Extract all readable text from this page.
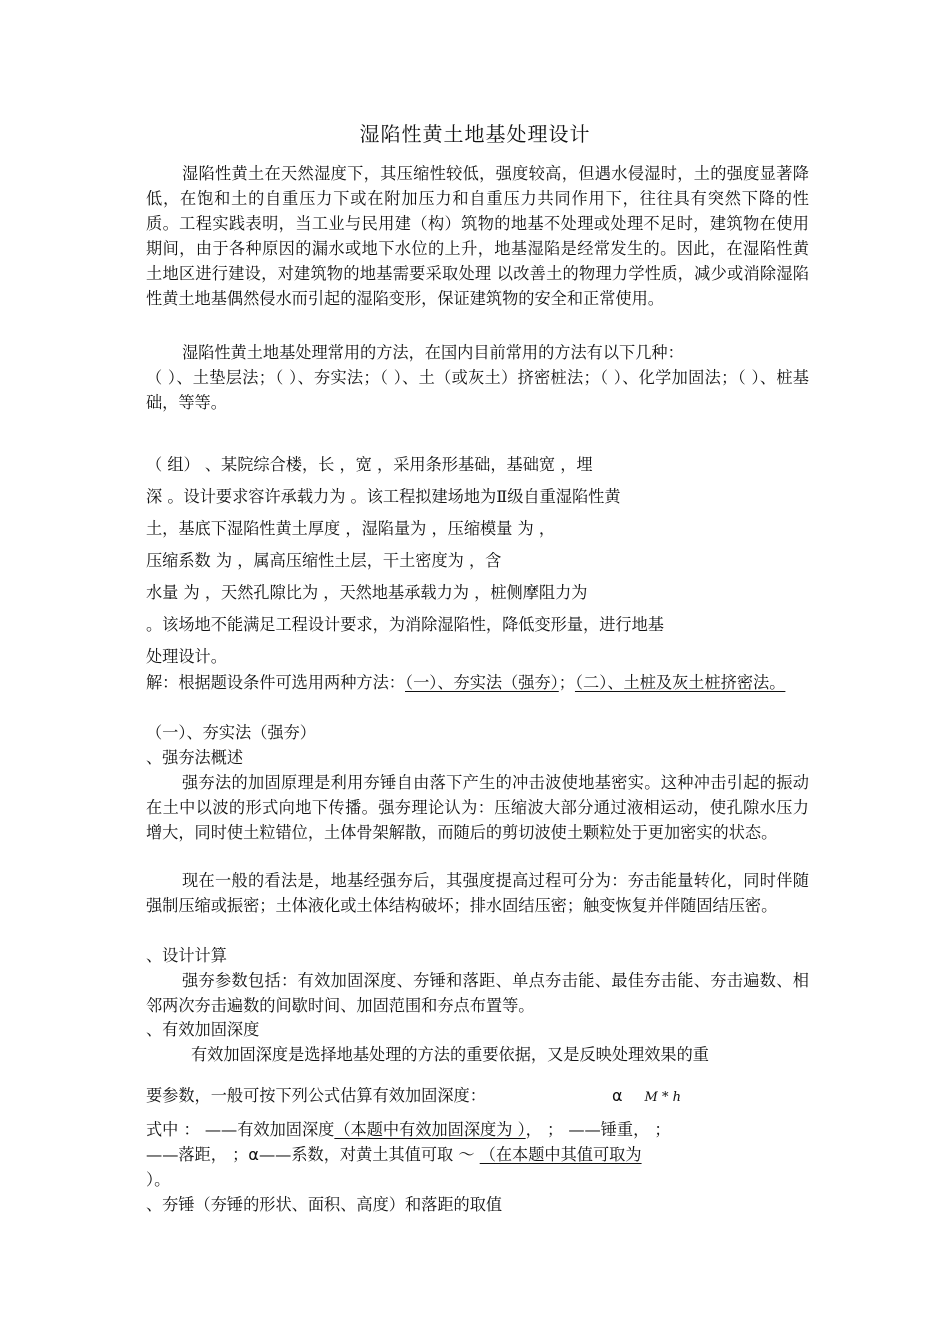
湿陷性黄土地基处理设计
湿陷性黄土在天然湿度下，其压缩性较低，强度较高，但遇水侵湿时，土的强度显著降低，在饱和土的自重压力下或在附加压力和自重压力共同作用下，往往具有突然下降的性质。工程实践表明，当工业与民用建（构）筑物的地基不处理或处理不足时，建筑物在使用期间，由于各种原因的漏水或地下水位的上升，地基湿陷是经常发生的。因此，在湿陷性黄土地区进行建设，对建筑物的地基需要采取处理 以改善土的物理力学性质，减少或消除湿陷性黄土地基偶然侵水而引起的湿陷变形，保证建筑物的安全和正常使用。
湿陷性黄土地基处理常用的方法，在国内目前常用的方法有以下几种：
（ ）、土垫层法；（ ）、夯实法；（ ）、土（或灰土）挤密桩法；（ ）、化学加固法；（ ）、桩基础，等等。
（ 组） 、某院综合楼，长 ，宽 ，采用条形基础，基础宽 ，埋
深 。设计要求容许承载力为 。该工程拟建场地为Ⅱ级自重湿陷性黄
土，基底下湿陷性黄土厚度 ，湿陷量为 ，压缩模量 为 ，
压缩系数 为 ，属高压缩性土层，干土密度为 ，含
水量 为 ，天然孔隙比为 ，天然地基承载力为 ，桩侧摩阻力为
。该场地不能满足工程设计要求，为消除湿陷性，降低变形量，进行地基
处理设计。
解：根据题设条件可选用两种方法：（一）、夯实法（强夯）；（二）、土桩及灰土桩挤密法。
（一）、夯实法（强夯）
、强夯法概述
强夯法的加固原理是利用夯锤自由落下产生的冲击波使地基密实。这种冲击引起的振动在土中以波的形式向地下传播。强夯理论认为：压缩波大部分通过液相运动，使孔隙水压力增大，同时使土粒错位，土体骨架解散，而随后的剪切波使土颗粒处于更加密实的状态。
现在一般的看法是，地基经强夯后，其强度提高过程可分为：夯击能量转化，同时伴随强制压缩或振密；土体液化或土体结构破坏；排水固结压密；触变恢复并伴随固结压密。
、设计计算
强夯参数包括：有效加固深度、夯锤和落距、单点夯击能、最佳夯击能、夯击遍数、相邻两次夯击遍数的间歇时间、加固范围和夯点布置等。
、有效加固深度
有效加固深度是选择地基处理的方法的重要依据，又是反映处理效果的重
要参数，一般可按下列公式估算有效加固深度：	α M * h
式中 ： ——有效加固深度（本题中有效加固深度为 ）， ； ——锤重， ；
——落距， ；α——系数，对黄土其值可取 ～ （在本题中其值可取为
）。
、夯锤（夯锤的形状、面积、高度）和落距的取值
